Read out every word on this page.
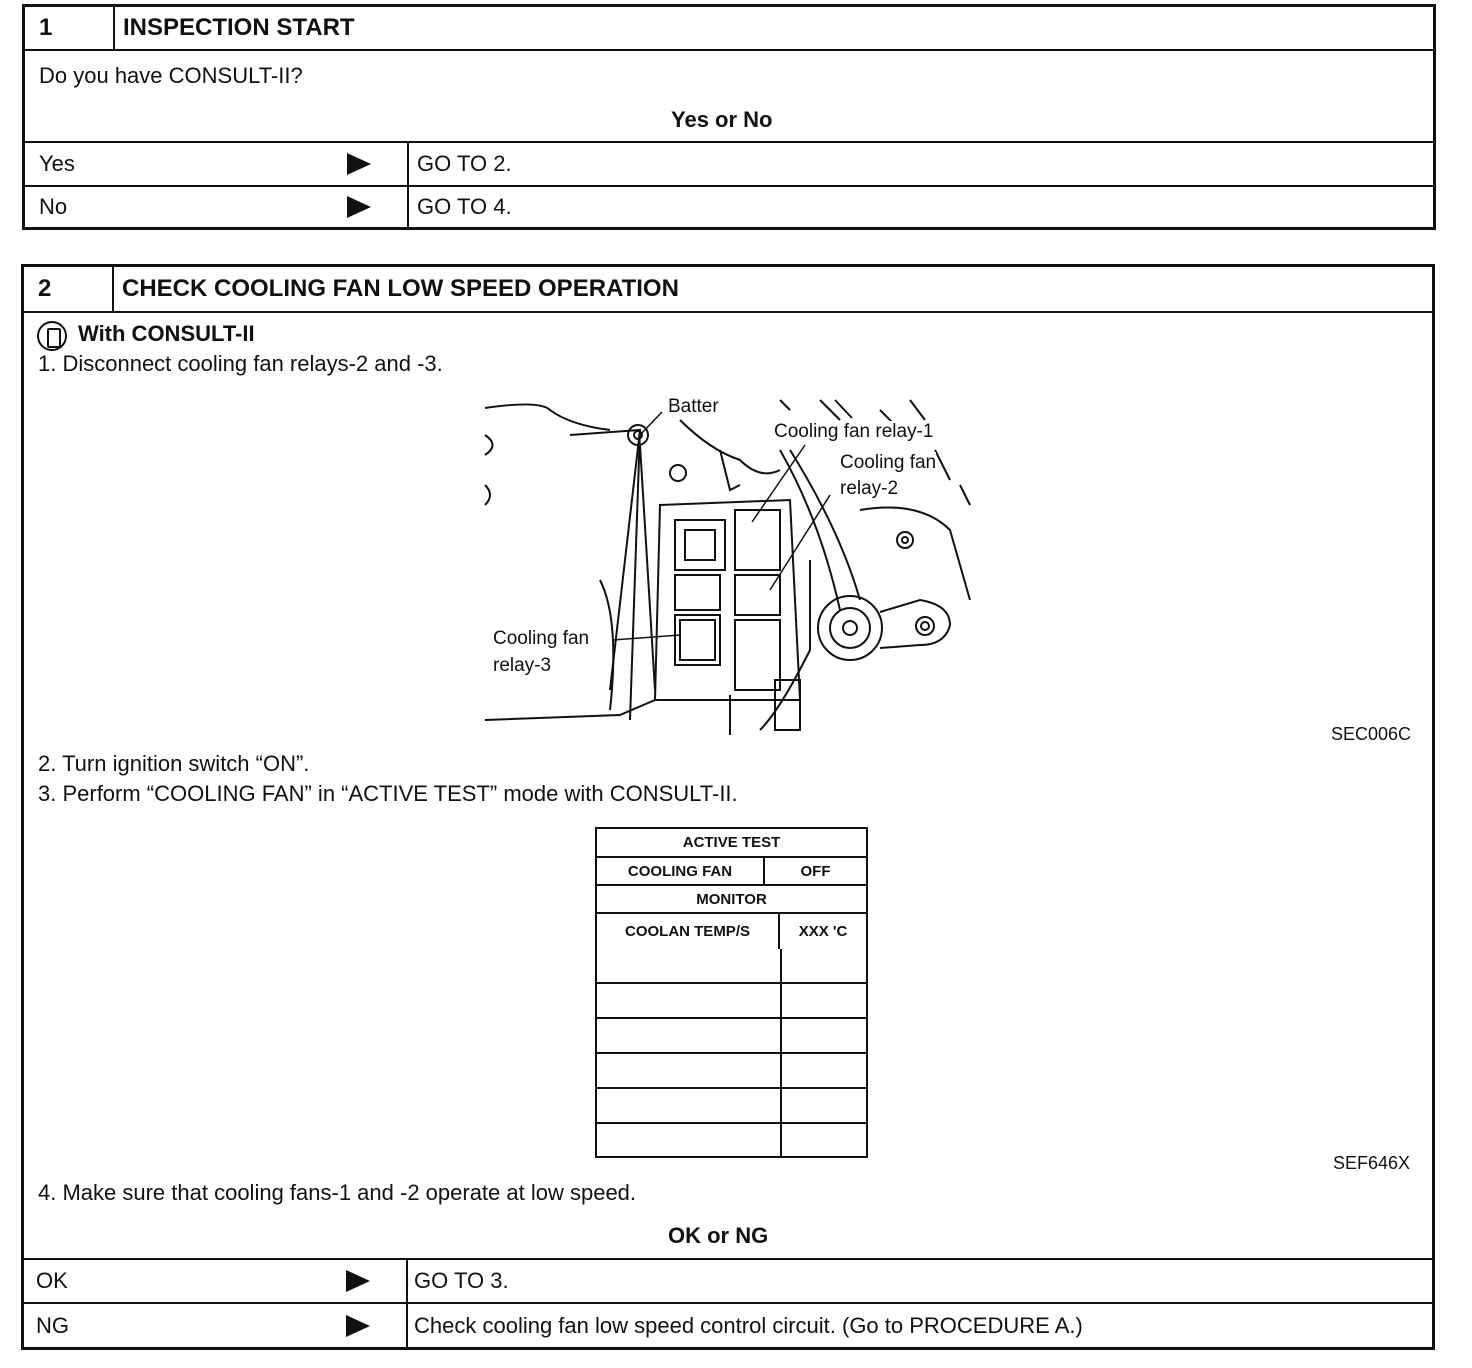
1	INSPECTION START
Do you have CONSULT-II?
Yes or No
Yes	GO TO 2.
No	GO TO 4.
2	CHECK COOLING FAN LOW SPEED OPERATION
With CONSULT-II
1. Disconnect cooling fan relays-2 and -3.
Batter
Cooling fan relay-1
Cooling fan
relay-2
Cooling fan
relay-3
SEC006C
2. Turn ignition switch “ON”.
3. Perform “COOLING FAN” in “ACTIVE TEST” mode with CONSULT-II.
ACTIVE TEST
COOLING FAN	OFF
MONITOR
COOLAN TEMP/S	XXX 'C
SEF646X
4. Make sure that cooling fans-1 and -2 operate at low speed.
OK or NG
OK	GO TO 3.
NG	Check cooling fan low speed control circuit. (Go to PROCEDURE A.)
